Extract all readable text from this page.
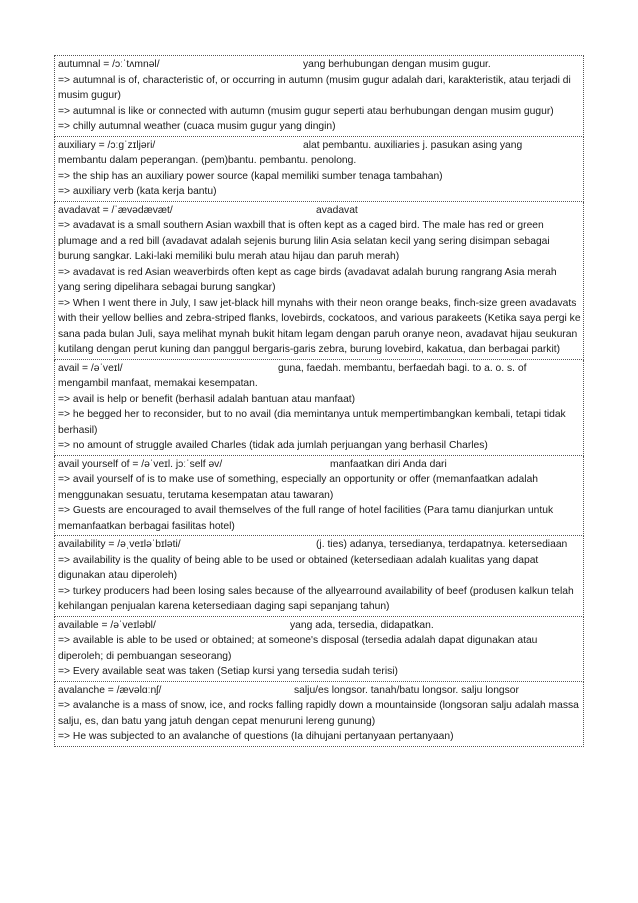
autumnal = /ɔːˈtʌmnəl/	yang berhubungan dengan musim gugur.
=> autumnal is of, characteristic of, or occurring in autumn (musim gugur adalah dari, karakteristik, atau terjadi di musim gugur)
=> autumnal is like or connected with autumn (musim gugur seperti atau berhubungan dengan musim gugur)
=> chilly autumnal weather (cuaca musim gugur yang dingin)
auxiliary = /ɔːgˈzɪljəri/	alat pembantu. auxiliaries j. pasukan asing yang
membantu dalam peperangan. (pem)bantu. pembantu. penolong.
=> the ship has an auxiliary power source (kapal memiliki sumber tenaga tambahan)
=> auxiliary verb (kata kerja bantu)
avadavat = /ˈævədævæt/	avadavat
=> avadavat is a small southern Asian waxbill that is often kept as a caged bird. The male has red or green plumage and a red bill (avadavat adalah sejenis burung lilin Asia selatan kecil yang sering disimpan sebagai burung sangkar. Laki-laki memiliki bulu merah atau hijau dan paruh merah)
=> avadavat is red Asian weaverbirds often kept as cage birds (avadavat adalah burung rangrang Asia merah yang sering dipelihara sebagai burung sangkar)
=> When I went there in July, I saw jet-black hill mynahs with their neon orange beaks, finch-size green avadavats with their yellow bellies and zebra-striped flanks, lovebirds, cockatoos, and various parakeets (Ketika saya pergi ke sana pada bulan Juli, saya melihat mynah bukit hitam legam dengan paruh oranye neon, avadavat hijau seukuran kutilang dengan perut kuning dan panggul bergaris-garis zebra, burung lovebird, kakatua, dan berbagai parkit)
avail = /əˈveɪl/	guna, faedah. membantu, berfaedah bagi. to a. o. s. of
mengambil manfaat, memakai kesempatan.
=> avail is help or benefit (berhasil adalah bantuan atau manfaat)
=> he begged her to reconsider, but to no avail (dia memintanya untuk mempertimbangkan kembali, tetapi tidak berhasil)
=> no amount of struggle availed Charles (tidak ada jumlah perjuangan yang berhasil Charles)
avail yourself of = /əˈveɪl. jɔːˈself əv/	manfaatkan diri Anda dari
=> avail yourself of is to make use of something, especially an opportunity or offer (memanfaatkan adalah menggunakan sesuatu, terutama kesempatan atau tawaran)
=> Guests are encouraged to avail themselves of the full range of hotel facilities (Para tamu dianjurkan untuk memanfaatkan berbagai fasilitas hotel)
availability = /əˌveɪləˈbɪləti/	(j. ties) adanya, tersedianya, terdapatnya. ketersediaan
=> availability is the quality of being able to be used or obtained (ketersediaan adalah kualitas yang dapat digunakan atau diperoleh)
=> turkey producers had been losing sales because of the allyearround availability of beef (produsen kalkun telah kehilangan penjualan karena ketersediaan daging sapi sepanjang tahun)
available = /əˈveɪləbl/	yang ada, tersedia, didapatkan.
=> available is able to be used or obtained; at someone's disposal (tersedia adalah dapat digunakan atau diperoleh; di pembuangan seseorang)
=> Every available seat was taken (Setiap kursi yang tersedia sudah terisi)
avalanche = /ævəlɑːnʃ/	salju/es longsor. tanah/batu longsor. salju longsor
=> avalanche is a mass of snow, ice, and rocks falling rapidly down a mountainside (longsoran salju adalah massa salju, es, dan batu yang jatuh dengan cepat menuruni lereng gunung)
=> He was subjected to an avalanche of questions (Ia dihujani pertanyaan pertanyaan)
